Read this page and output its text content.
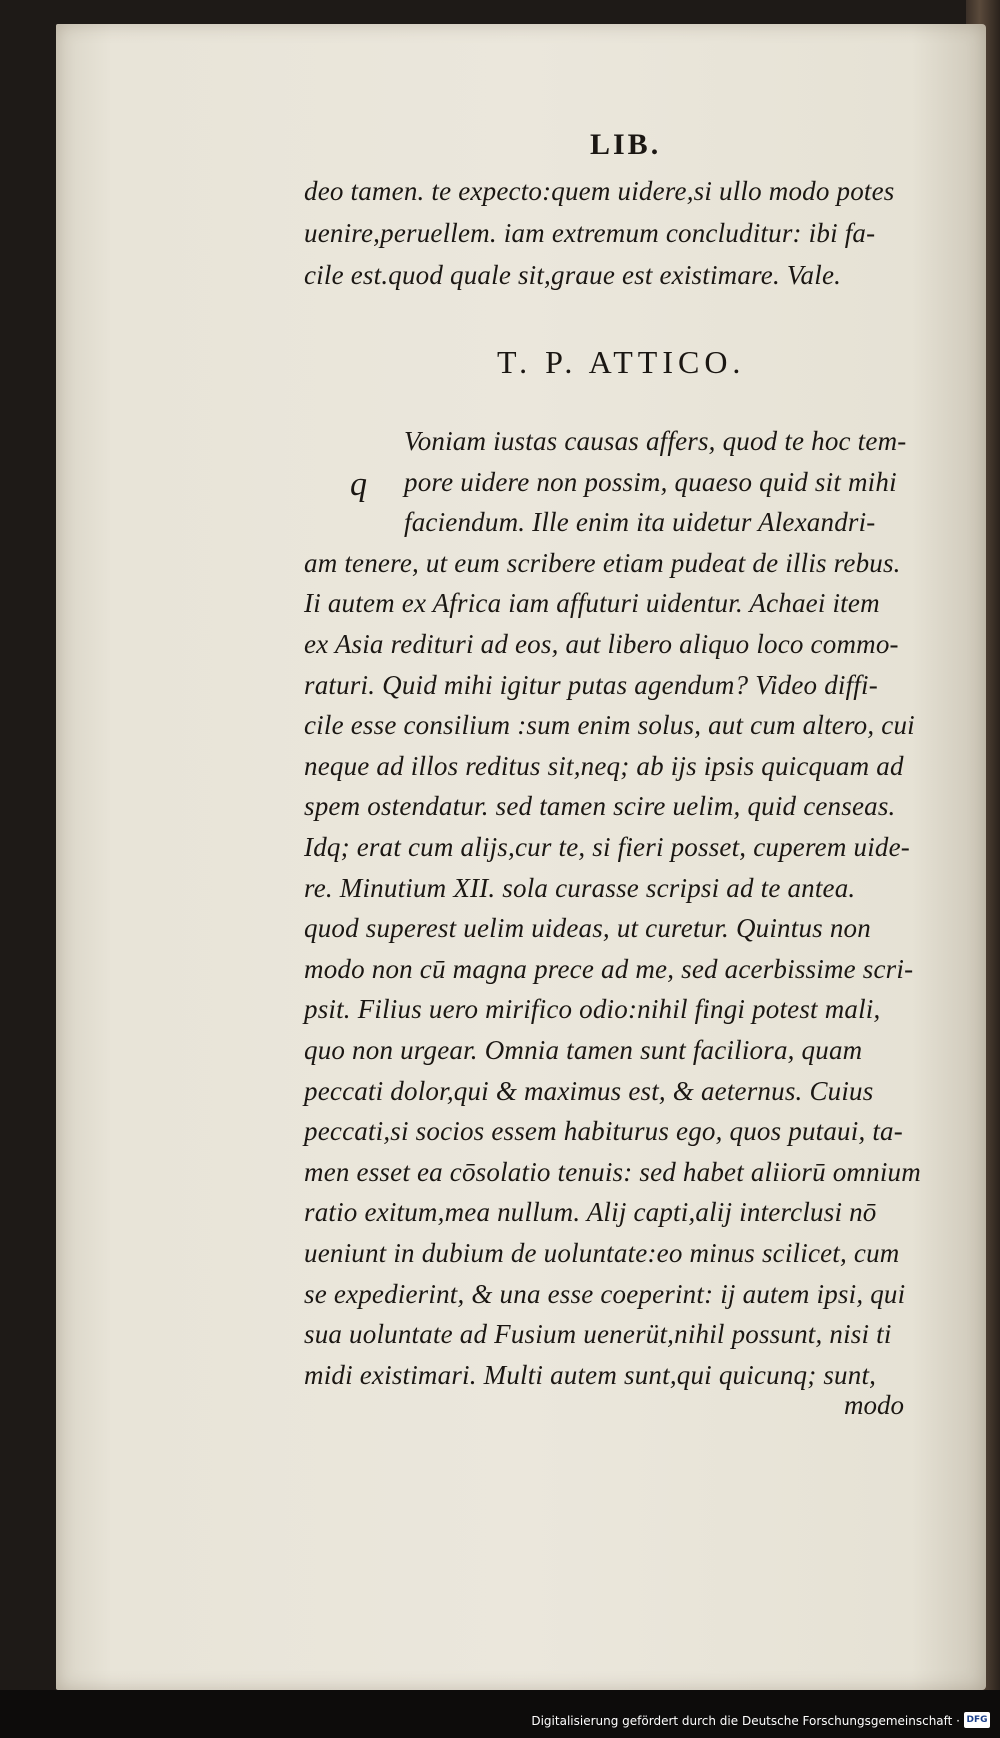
LIB.
deo tamen. te expecto:quem uidere,si ullo modo potes
uenire,peruellem. iam extremum concluditur: ibi fa‑
cile est.quod quale sit,graue est existimare. Vale.
T. P. ATTICO.
q
Voniam iustas causas affers, quod te hoc tem‑
pore uidere non possim, quaeso quid sit mihi
faciendum. Ille enim ita uidetur Alexandri‑
am tenere, ut eum scribere etiam pudeat de illis rebus.
Ii autem ex Africa iam affuturi uidentur. Achaei item
ex Asia redituri ad eos, aut libero aliquo loco commo‑
raturi. Quid mihi igitur putas agendum? Video diffi‑
cile esse consilium :sum enim solus, aut cum altero, cui
neque ad illos reditus sit,neq; ab ijs ipsis quicquam ad
spem ostendatur. sed tamen scire uelim, quid censeas.
Idq; erat cum alijs,cur te, si fieri posset, cuperem uide‑
re. Minutium XII. sola curasse scripsi ad te antea.
quod superest uelim uideas, ut curetur. Quintus non
modo non cū magna prece ad me, sed acerbissime scri‑
psit. Filius uero mirifico odio:nihil fingi potest mali,
quo non urgear. Omnia tamen sunt faciliora, quam
peccati dolor,qui & maximus est, & aeternus. Cuius
peccati,si socios essem habiturus ego, quos putaui, ta‑
men esset ea cōsolatio tenuis: sed habet aliiorū omnium
ratio exitum,mea nullum. Alij capti,alij interclusi nō
ueniunt in dubium de uoluntate:eo minus scilicet, cum
se expedierint, & una esse coeperint: ij autem ipsi, qui
sua uoluntate ad Fusium uenerüt,nihil possunt, nisi ti
midi existimari. Multi autem sunt,qui quicunq; sunt,
modo
Digitalisierung gefördert durch die Deutsche Forschungsgemeinschaft · DFG
